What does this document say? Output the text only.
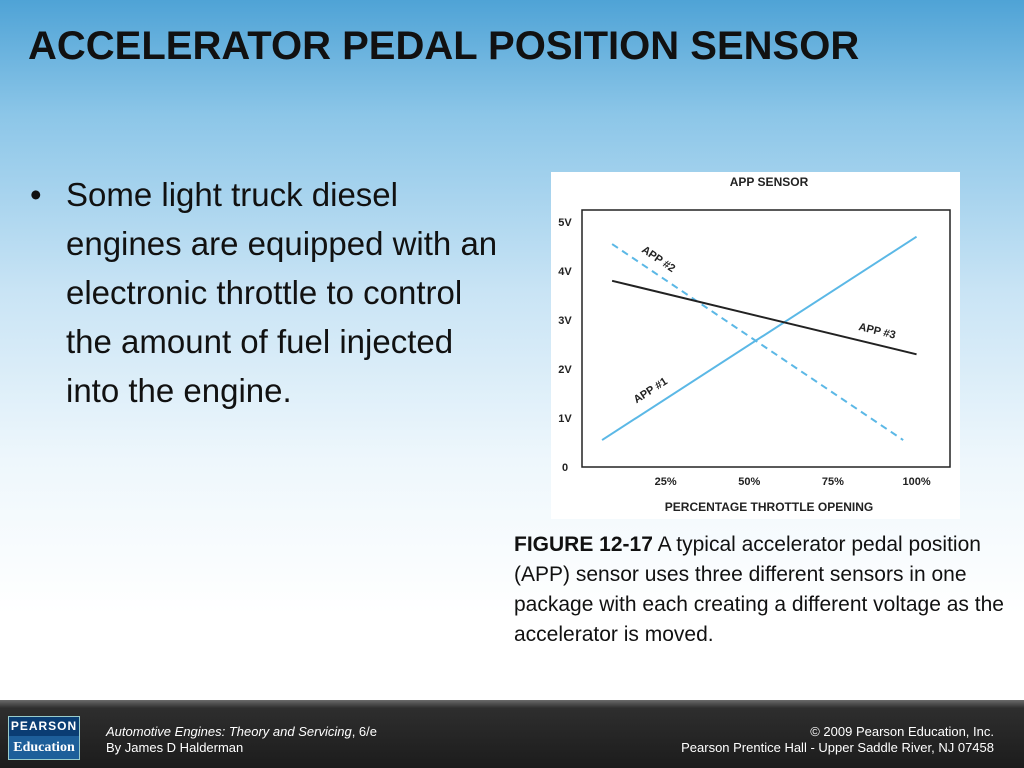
ACCELERATOR PEDAL POSITION SENSOR
• Some light truck diesel engines are equipped with an electronic throttle to control the amount of fuel injected into the engine.
APP SENSOR
0
1V
2V
3V
4V
5V
25%	50%	75%	100%
APP #1
APP #2
APP #3
PERCENTAGE THROTTLE OPENING
FIGURE 12-17 A typical accelerator pedal position (APP) sensor uses three different sensors in one package with each creating a different voltage as the accelerator is moved.
PEARSON
Education
Automotive Engines: Theory and Servicing, 6/e
By James D Halderman
© 2009 Pearson Education, Inc.
Pearson Prentice Hall - Upper Saddle River, NJ 07458
